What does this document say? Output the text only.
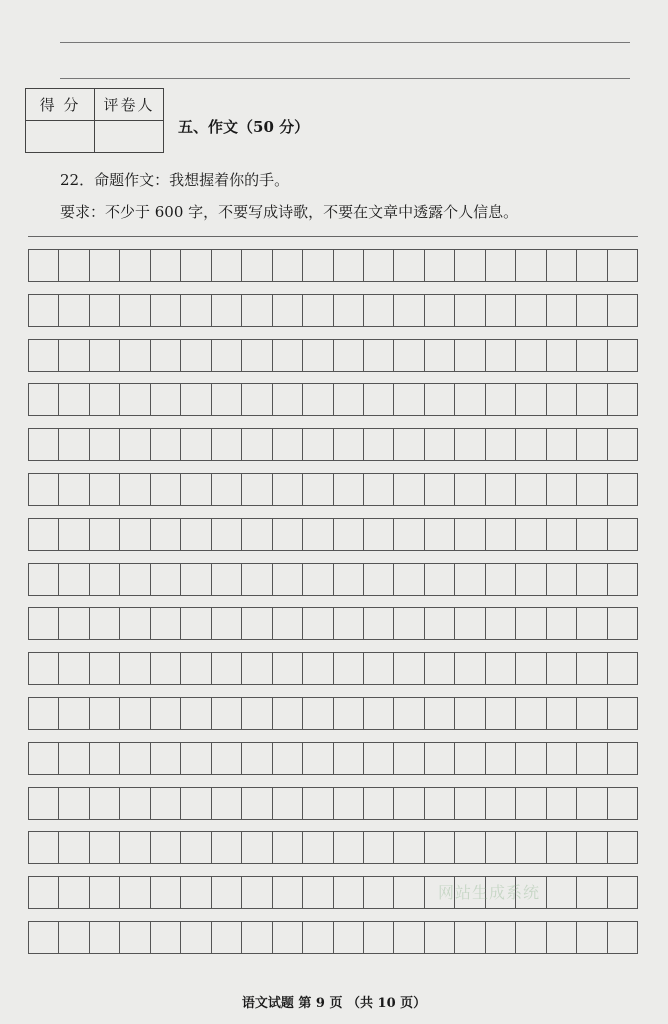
得 分	评卷人

五、作文（50 分）
22．命题作文：我想握着你的手。
要求：不少于 600 字，不要写成诗歌，不要在文章中透露个人信息。
网站生成系统
语文试题 第 9 页 （共 10 页）
